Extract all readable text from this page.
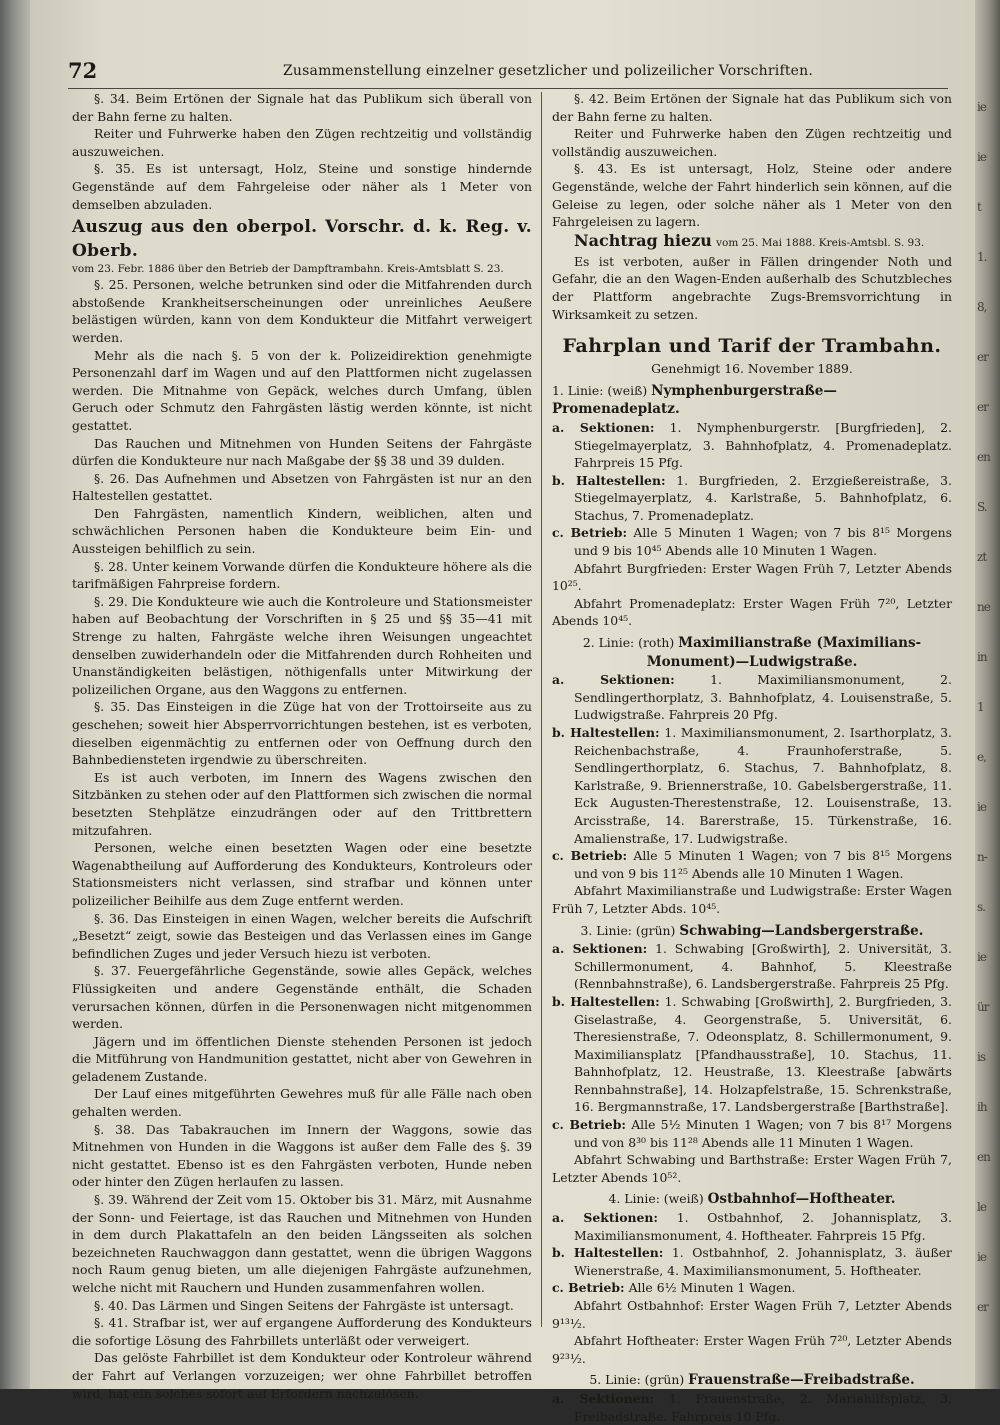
72	Zusammenstellung einzelner gesetzlicher und polizeilicher Vorschriften.

§. 34. Beim Ertönen der Signale hat das Publikum sich überall von der Bahn ferne zu halten.

Reiter und Fuhrwerke haben den Zügen rechtzeitig und vollständig auszuweichen.

§. 35. Es ist untersagt, Holz, Steine und sonstige hindernde Gegenstände auf dem Fahrgeleise oder näher als 1 Meter von demselben abzuladen.

Auszug aus den oberpol. Vorschr. d. k. Reg. v. Oberb.

vom 23. Febr. 1886 über den Betrieb der Dampftrambahn. Kreis-Amtsblatt S. 23.

§. 25. Personen, welche betrunken sind oder die Mitfahrenden durch abstoßende Krankheitserscheinungen oder unreinliches Aeußere belästigen würden, kann von dem Kondukteur die Mitfahrt verweigert werden.

Mehr als die nach §. 5 von der k. Polizeidirektion genehmigte Personenzahl darf im Wagen und auf den Plattformen nicht zugelassen werden. Die Mitnahme von Gepäck, welches durch Umfang, üblen Geruch oder Schmutz den Fahrgästen lästig werden könnte, ist nicht gestattet.

Das Rauchen und Mitnehmen von Hunden Seitens der Fahrgäste dürfen die Kondukteure nur nach Maßgabe der §§ 38 und 39 dulden.

§. 26. Das Aufnehmen und Absetzen von Fahrgästen ist nur an den Haltestellen gestattet.

Den Fahrgästen, namentlich Kindern, weiblichen, alten und schwächlichen Personen haben die Kondukteure beim Ein- und Aussteigen behilflich zu sein.

§. 28. Unter keinem Vorwande dürfen die Kondukteure höhere als die tarifmäßigen Fahrpreise fordern.

§. 29. Die Kondukteure wie auch die Kontroleure und Stationsmeister haben auf Beobachtung der Vorschriften in § 25 und §§ 35—41 mit Strenge zu halten, Fahrgäste welche ihren Weisungen ungeachtet denselben zuwiderhandeln oder die Mitfahrenden durch Rohheiten und Unanständigkeiten belästigen, nöthigenfalls unter Mitwirkung der polizeilichen Organe, aus den Waggons zu entfernen.

§. 35. Das Einsteigen in die Züge hat von der Trottoirseite aus zu geschehen; soweit hier Absperrvorrichtungen bestehen, ist es verboten, dieselben eigenmächtig zu entfernen oder von Oeffnung durch den Bahnbediensteten irgendwie zu überschreiten.

Es ist auch verboten, im Innern des Wagens zwischen den Sitzbänken zu stehen oder auf den Plattformen sich zwischen die normal besetzten Stehplätze einzudrängen oder auf den Trittbrettern mitzufahren.

Personen, welche einen besetzten Wagen oder eine besetzte Wagenabtheilung auf Aufforderung des Kondukteurs, Kontroleurs oder Stationsmeisters nicht verlassen, sind strafbar und können unter polizeilicher Beihilfe aus dem Zuge entfernt werden.

§. 36. Das Einsteigen in einen Wagen, welcher bereits die Aufschrift „Besetzt“ zeigt, sowie das Besteigen und das Verlassen eines im Gange befindlichen Zuges und jeder Versuch hiezu ist verboten.

§. 37. Feuergefährliche Gegenstände, sowie alles Gepäck, welches Flüssigkeiten und andere Gegenstände enthält, die Schaden verursachen können, dürfen in die Personenwagen nicht mitgenommen werden.

Jägern und im öffentlichen Dienste stehenden Personen ist jedoch die Mitführung von Handmunition gestattet, nicht aber von Gewehren in geladenem Zustande.

Der Lauf eines mitgeführten Gewehres muß für alle Fälle nach oben gehalten werden.

§. 38. Das Tabakrauchen im Innern der Waggons, sowie das Mitnehmen von Hunden in die Waggons ist außer dem Falle des §. 39 nicht gestattet. Ebenso ist es den Fahrgästen verboten, Hunde neben oder hinter den Zügen herlaufen zu lassen.

§. 39. Während der Zeit vom 15. Oktober bis 31. März, mit Ausnahme der Sonn- und Feiertage, ist das Rauchen und Mitnehmen von Hunden in dem durch Plakattafeln an den beiden Längsseiten als solchen bezeichneten Rauchwaggon dann gestattet, wenn die übrigen Waggons noch Raum genug bieten, um alle diejenigen Fahrgäste aufzunehmen, welche nicht mit Rauchern und Hunden zusammenfahren wollen.

§. 40. Das Lärmen und Singen Seitens der Fahrgäste ist untersagt.

§. 41. Strafbar ist, wer auf ergangene Aufforderung des Kondukteurs die sofortige Lösung des Fahrbillets unterläßt oder verweigert.

Das gelöste Fahrbillet ist dem Kondukteur oder Kontroleur während der Fahrt auf Verlangen vorzuzeigen; wer ohne Fahrbillet betroffen wird, hat ein solches sofort auf Erfordern nachzulösen.

§. 42. Beim Ertönen der Signale hat das Publikum sich von der Bahn ferne zu halten.

Reiter und Fuhrwerke haben den Zügen rechtzeitig und vollständig auszuweichen.

§. 43. Es ist untersagt, Holz, Steine oder andere Gegenstände, welche der Fahrt hinderlich sein können, auf die Geleise zu legen, oder solche näher als 1 Meter von den Fahrgeleisen zu lagern.

Nachtrag hiezu vom 25. Mai 1888. Kreis-Amtsbl. S. 93.

Es ist verboten, außer in Fällen dringender Noth und Gefahr, die an den Wagen-Enden außerhalb des Schutzbleches der Plattform angebrachte Zugs-Bremsvorrichtung in Wirksamkeit zu setzen.

Fahrplan und Tarif der Trambahn.

Genehmigt 16. November 1889.

1. Linie: (weiß) Nymphenburgerstraße—Promenadeplatz.

a. Sektionen: 1. Nymphenburgerstr. [Burgfrieden], 2. Stiegelmayerplatz, 3. Bahnhofplatz, 4. Promenadeplatz. Fahrpreis 15 Pfg.

b. Haltestellen: 1. Burgfrieden, 2. Erzgießereistraße, 3. Stiegelmayerplatz, 4. Karlstraße, 5. Bahnhofplatz, 6. Stachus, 7. Promenadeplatz.

c. Betrieb: Alle 5 Minuten 1 Wagen; von 7 bis 8¹⁵ Morgens und 9 bis 10⁴⁵ Abends alle 10 Minuten 1 Wagen.

Abfahrt Burgfrieden: Erster Wagen Früh 7, Letzter Abends 10²⁵.

Abfahrt Promenadeplatz: Erster Wagen Früh 7²⁰, Letzter Abends 10⁴⁵.

2. Linie: (roth) Maximilianstraße (Maximilians-Monument)—Ludwigstraße.

a. Sektionen:	1. Maximiliansmonument, 2. Sendlingerthorplatz, 3. Bahnhofplatz, 4. Louisenstraße, 5. Ludwigstraße. Fahrpreis 20 Pfg.

b. Haltestellen: 1. Maximiliansmonument, 2. Isarthorplatz, 3. Reichenbachstraße, 4. Fraunhoferstraße, 5. Sendlingerthorplatz, 6. Stachus, 7. Bahnhofplatz, 8. Karlstraße, 9. Briennerstraße, 10. Gabelsbergerstraße, 11. Eck Augusten-Therestenstraße, 12. Louisenstraße, 13. Arcisstraße, 14. Barerstraße, 15. Türkenstraße, 16. Amalienstraße, 17. Ludwigstraße.

c. Betrieb: Alle 5 Minuten 1 Wagen; von 7 bis 8¹⁵ Morgens und von 9 bis 11²⁵ Abends alle 10 Minuten 1 Wagen.

Abfahrt Maximilianstraße und Ludwigstraße: Erster Wagen Früh 7, Letzter Abds. 10⁴⁵.

3. Linie: (grün) Schwabing—Landsbergerstraße.

a. Sektionen: 1. Schwabing [Großwirth], 2. Universität, 3. Schillermonument, 4. Bahnhof, 5. Kleestraße (Rennbahnstraße), 6. Landsbergerstraße. Fahrpreis 25 Pfg.

b. Haltestellen: 1. Schwabing [Großwirth], 2. Burgfrieden, 3. Giselastraße, 4. Georgenstraße, 5. Universität, 6. Theresienstraße, 7. Odeonsplatz, 8. Schillermonument, 9. Maximiliansplatz [Pfandhausstraße], 10. Stachus, 11. Bahnhofplatz, 12. Heustraße, 13. Kleestraße [abwärts Rennbahnstraße], 14. Holzapfelstraße, 15. Schrenkstraße, 16. Bergmannstraße, 17. Landsbergerstraße [Barthstraße].

c. Betrieb: Alle 5½ Minuten 1 Wagen; von 7 bis 8¹⁷ Morgens und von 8³⁰ bis 11²⁸ Abends alle 11 Minuten 1 Wagen.

Abfahrt Schwabing und Barthstraße: Erster Wagen Früh 7, Letzter Abends 10⁵².

4. Linie: (weiß) Ostbahnhof—Hoftheater.

a. Sektionen: 1. Ostbahnhof, 2. Johannisplatz, 3. Maximiliansmonument, 4. Hoftheater. Fahrpreis 15 Pfg.

b. Haltestellen: 1. Ostbahnhof, 2. Johannisplatz, 3. äußer Wienerstraße, 4. Maximiliansmonument, 5. Hoftheater.

c. Betrieb: Alle 6½ Minuten 1 Wagen.

Abfahrt Ostbahnhof: Erster Wagen Früh 7, Letzter Abends 9¹³½.

Abfahrt Hoftheater: Erster Wagen Früh 7²⁰, Letzter Abends 9²³½.

5. Linie: (grün) Frauenstraße—Freibadstraße.

a. Sektionen: 1. Frauenstraße, 2. Mariahilfsplatz, 3. Freibadstraße. Fahrpreis 10 Pfg.

ie
ie
t
1.
8,
er
er
en
S.
zt
ne
in
1
e,
ie
n-
s.
ie
ür
is
ih
en
le
ie
er
